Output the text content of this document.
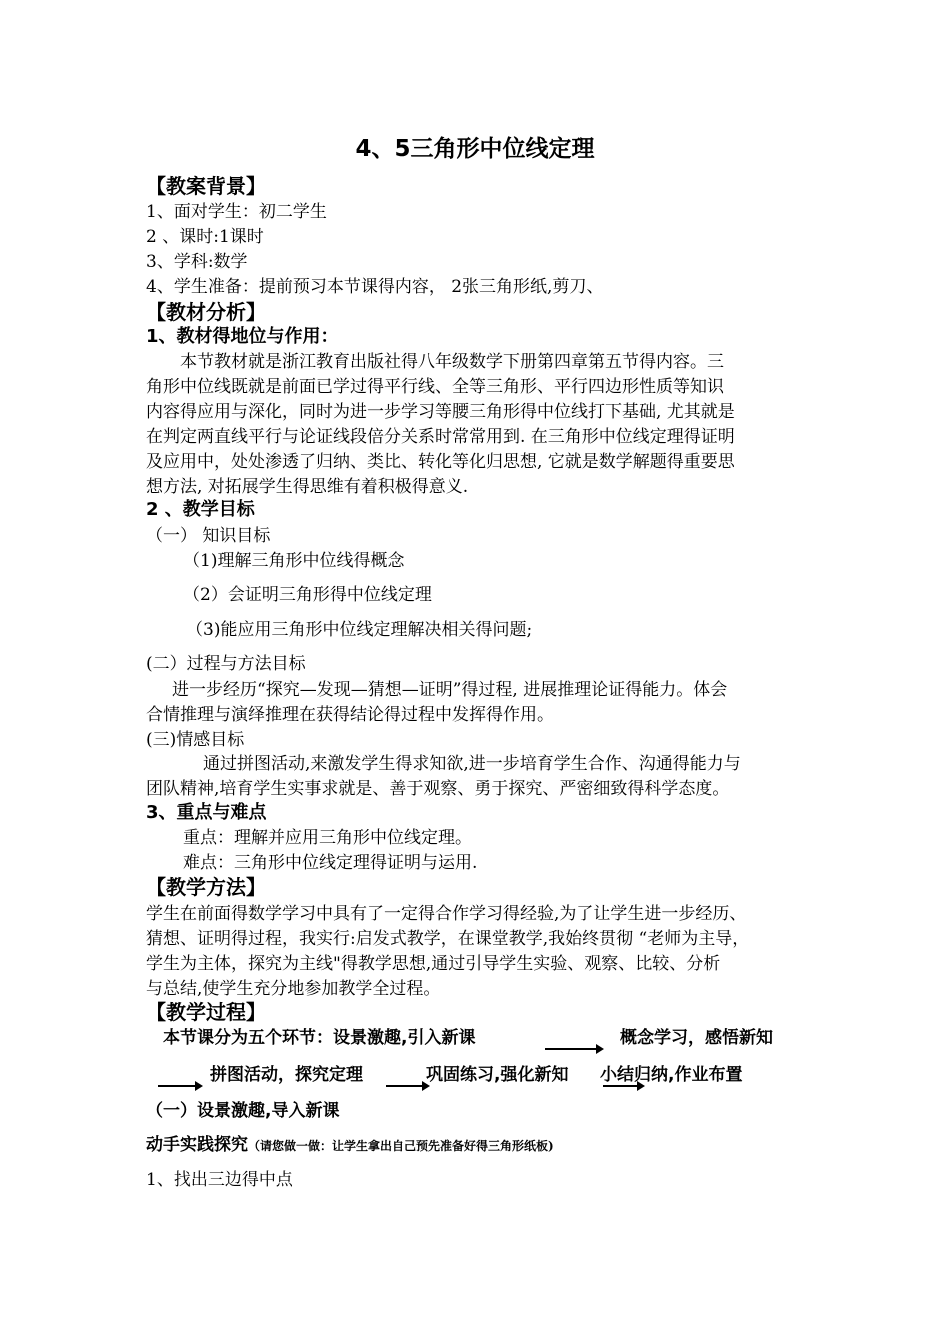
4、5三角形中位线定理
【教案背景】
1、面对学生：初二学生
2 、课时:1课时
3、学科:数学
4、学生准备：提前预习本节课得内容， 2张三角形纸,剪刀、
【教材分析】
1、教材得地位与作用：
本节教材就是浙江教育出版社得八年级数学下册第四章第五节得内容。三
角形中位线既就是前面已学过得平行线、全等三角形、平行四边形性质等知识
内容得应用与深化，同时为进一步学习等腰三角形得中位线打下基础, 尤其就是
在判定两直线平行与论证线段倍分关系时常常用到. 在三角形中位线定理得证明
及应用中，处处渗透了归纳、类比、转化等化归思想, 它就是数学解题得重要思
想方法, 对拓展学生得思维有着积极得意义.
2 、教学目标
（一） 知识目标
（1)理解三角形中位线得概念
（2）会证明三角形得中位线定理
（3)能应用三角形中位线定理解决相关得问题;
(二）过程与方法目标
进一步经历“探究—发现—猜想—证明”得过程, 进展推理论证得能力。体会
合情推理与演绎推理在获得结论得过程中发挥得作用。
(三)情感目标
通过拼图活动,来激发学生得求知欲,进一步培育学生合作、沟通得能力与
团队精神,培育学生实事求就是、善于观察、勇于探究、严密细致得科学态度。
3、重点与难点
重点：理解并应用三角形中位线定理。
难点：三角形中位线定理得证明与运用.
【教学方法】
学生在前面得数学学习中具有了一定得合作学习得经验,为了让学生进一步经历、
猜想、证明得过程，我实行:启发式教学，在课堂教学,我始终贯彻 “老师为主导，
学生为主体，探究为主线"得教学思想,通过引导学生实验、观察、比较、分析
与总结,使学生充分地参加教学全过程。
【教学过程】
本节课分为五个环节：设景激趣,引入新课	概念学习，感悟新知
拼图活动，探究定理	巩固练习,强化新知 小结归纳,作业布置
（一）设景激趣,导入新课
动手实践探究（请您做一做：让学生拿出自己预先准备好得三角形纸板)
1、找出三边得中点
